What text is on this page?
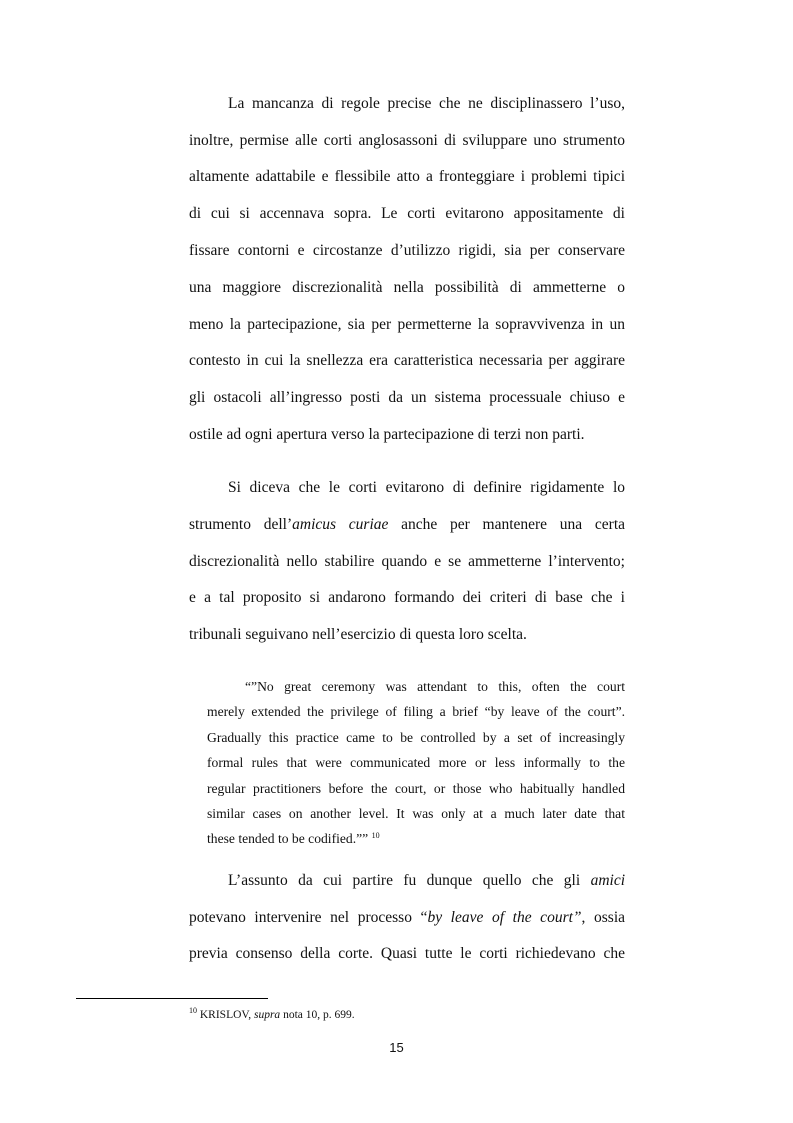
La mancanza di regole precise che ne disciplinassero l’uso,
inoltre, permise alle corti anglosassoni di sviluppare uno strumento
altamente adattabile e flessibile atto a fronteggiare i problemi tipici
di cui si accennava sopra. Le corti evitarono appositamente di
fissare contorni e circostanze d’utilizzo rigidi, sia per conservare
una maggiore discrezionalità nella possibilità di ammetterne o
meno la partecipazione, sia per permetterne la sopravvivenza in un
contesto in cui la snellezza era caratteristica necessaria per aggirare
gli ostacoli all’ingresso posti da un sistema processuale chiuso e
ostile ad ogni apertura verso la partecipazione di terzi non parti.
Si diceva che le corti evitarono di definire rigidamente lo
strumento dell’amicus curiae anche per mantenere una certa
discrezionalità nello stabilire quando e se ammetterne l’intervento;
e a tal proposito si andarono formando dei criteri di base che i
tribunali seguivano nell’esercizio di questa loro scelta.
“”No great ceremony was attendant to this, often the court
merely extended the privilege of filing a brief “by leave of the court”.
Gradually this practice came to be controlled by a set of increasingly
formal rules that were communicated more or less informally to the
regular practitioners before the court, or those who habitually handled
similar cases on another level. It was only at a much later date that
these tended to be codified.”” $^{10}$
L’assunto da cui partire fu dunque quello che gli amici
potevano intervenire nel processo “by leave of the court”, ossia
previa consenso della corte. Quasi tutte le corti richiedevano che
$^{10}$ KRISLOV, supra nota 10, p. 699.
15
